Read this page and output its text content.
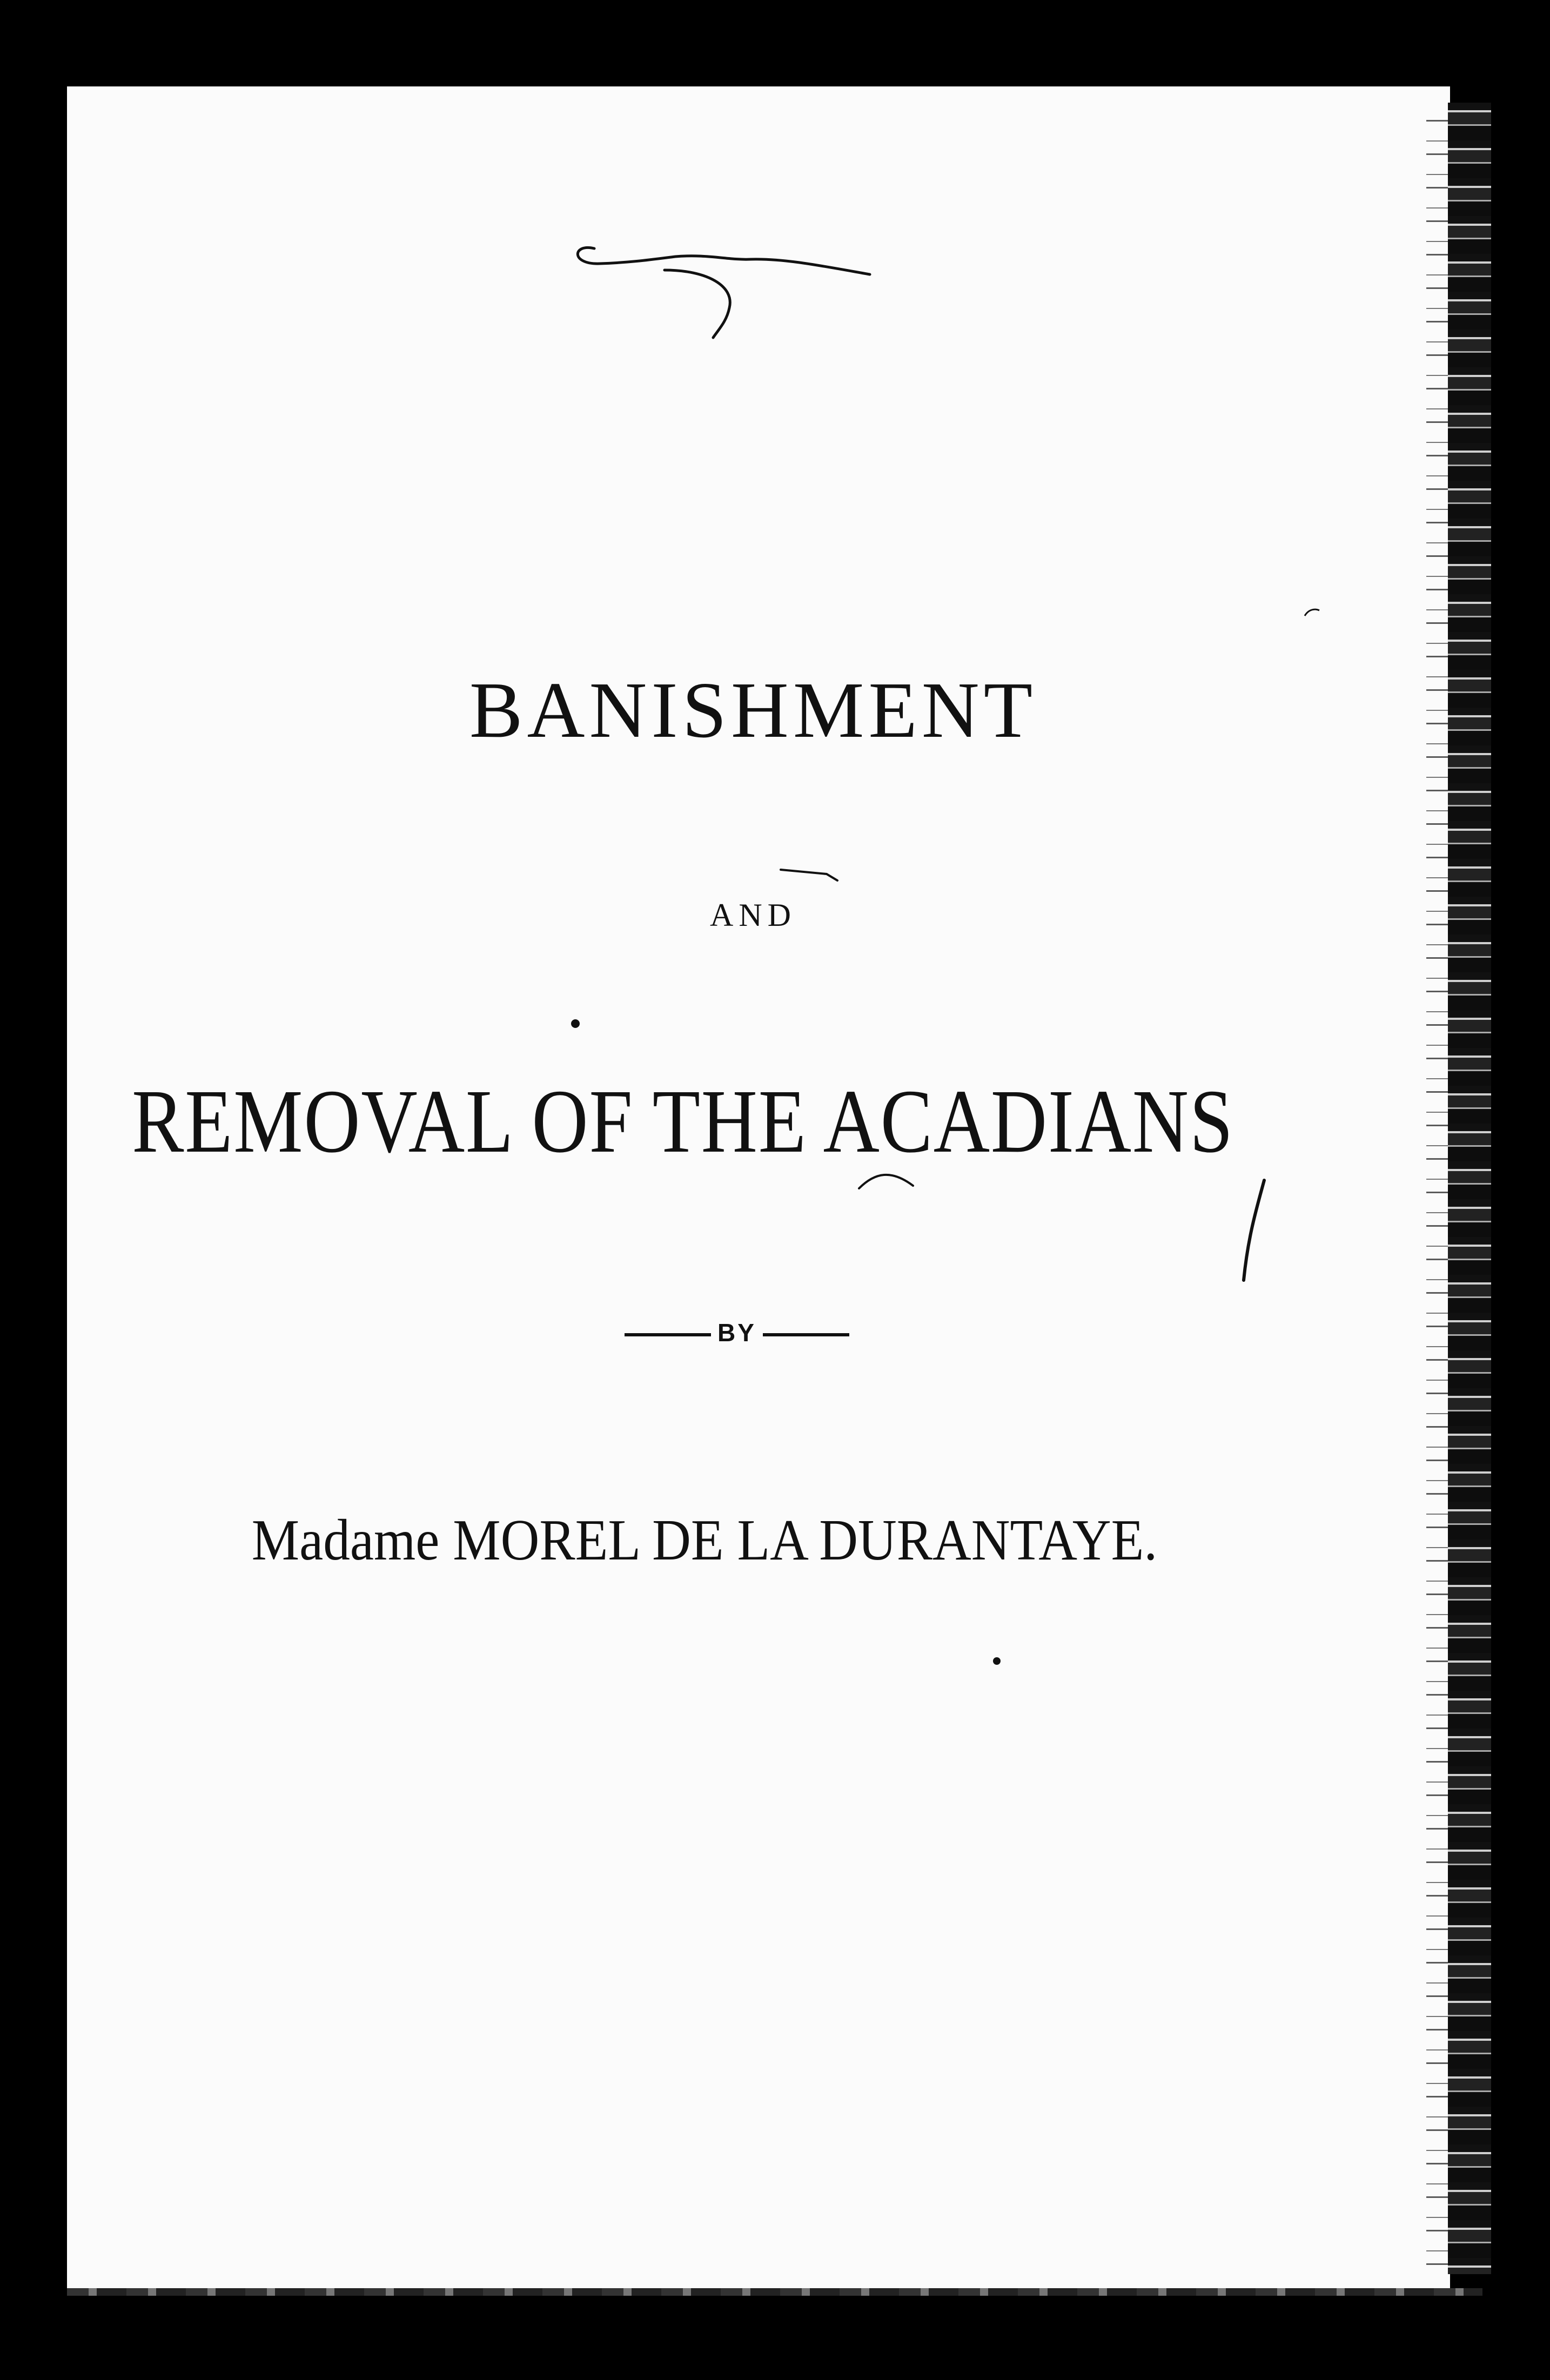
BANISHMENT
AND
REMOVAL OF THE ACADIANS
BY
Madame MOREL DE LA DURANTAYE.
